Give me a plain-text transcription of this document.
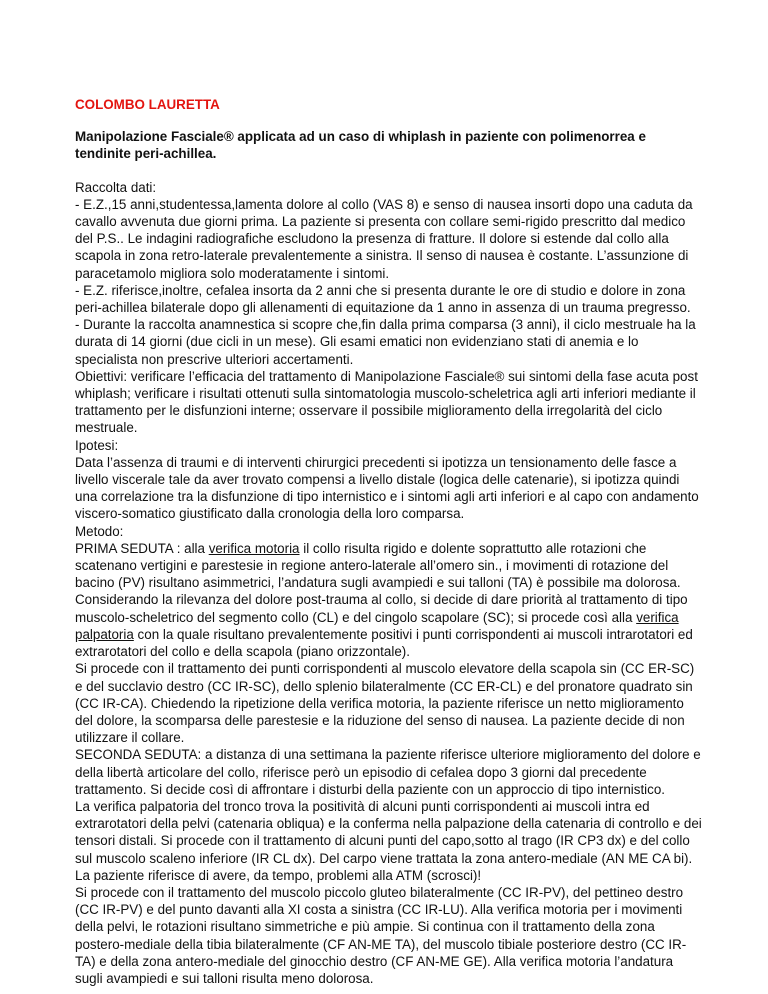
COLOMBO LAURETTA

Manipolazione Fasciale® applicata ad un caso di whiplash in paziente con polimenorrea e tendinite peri-achillea.

Raccolta dati:

- E.Z.,15 anni,studentessa,lamenta dolore al collo (VAS 8) e senso di nausea insorti dopo una caduta da cavallo avvenuta due giorni prima. La paziente si presenta con collare semi-rigido prescritto dal medico del P.S.. Le indagini radiografiche escludono la presenza di fratture. Il dolore si estende dal collo alla scapola in zona retro-laterale prevalentemente a sinistra. Il senso di nausea è costante. L’assunzione di paracetamolo migliora solo moderatamente i sintomi.

- E.Z. riferisce,inoltre, cefalea insorta da 2 anni che si presenta durante le ore di studio e dolore in zona peri-achillea bilaterale dopo gli allenamenti di equitazione da 1 anno in assenza di un trauma pregresso.

- Durante la raccolta anamnestica si scopre che,fin dalla prima comparsa (3 anni), il ciclo mestruale ha la durata di 14 giorni (due cicli in un mese). Gli esami ematici non evidenziano stati di anemia e lo specialista non prescrive ulteriori accertamenti.

Obiettivi: verificare l’efficacia del trattamento di Manipolazione Fasciale® sui sintomi della fase acuta post whiplash; verificare i risultati ottenuti sulla sintomatologia muscolo-scheletrica agli arti inferiori mediante il trattamento per le disfunzioni interne; osservare il possibile miglioramento della irregolarità del ciclo mestruale.

Ipotesi:

Data l’assenza di traumi e di interventi chirurgici precedenti si ipotizza un tensionamento delle fasce a livello viscerale tale da aver trovato compensi a livello distale (logica delle catenarie), si ipotizza quindi una correlazione tra la disfunzione di tipo internistico e i sintomi agli arti inferiori e al capo con andamento viscero-somatico giustificato dalla cronologia della loro comparsa.

Metodo:

PRIMA SEDUTA : alla verifica motoria il collo risulta rigido e dolente soprattutto alle rotazioni che scatenano vertigini e parestesie in regione antero-laterale all’omero sin., i movimenti di rotazione del bacino (PV) risultano asimmetrici, l’andatura sugli avampiedi e sui talloni (TA) è possibile ma dolorosa.

Considerando la rilevanza del dolore post-trauma al collo, si decide di dare priorità al trattamento di tipo muscolo-scheletrico del segmento collo (CL) e del cingolo scapolare (SC); si procede così alla verifica palpatoria con la quale risultano prevalentemente positivi i punti corrispondenti ai muscoli intrarotatori ed extrarotatori del collo e della scapola (piano orizzontale).

Si procede con il trattamento dei punti corrispondenti al muscolo elevatore della scapola sin (CC ER-SC) e del succlavio destro (CC IR-SC), dello splenio bilateralmente (CC ER-CL) e del pronatore quadrato sin (CC IR-CA). Chiedendo la ripetizione della verifica motoria, la paziente riferisce un netto miglioramento del dolore, la scomparsa delle parestesie e la riduzione del senso di nausea. La paziente decide di non utilizzare il collare.

SECONDA SEDUTA: a distanza di una settimana la paziente riferisce ulteriore miglioramento del dolore e della libertà articolare del collo, riferisce però un episodio di cefalea dopo 3 giorni dal precedente trattamento. Si decide così di affrontare i disturbi della paziente con un approccio di tipo internistico.

La verifica palpatoria del tronco trova la positività di alcuni punti corrispondenti ai muscoli intra ed extrarotatori della pelvi (catenaria obliqua) e la conferma nella palpazione della catenaria di controllo e dei tensori distali. Si procede con il trattamento di alcuni punti del capo,sotto al trago (IR CP3 dx) e del collo sul muscolo scaleno inferiore (IR CL dx). Del carpo viene trattata la zona antero-mediale (AN ME CA bi). La paziente riferisce di avere, da tempo, problemi alla ATM (scrosci)!

Si procede con il trattamento del muscolo piccolo gluteo bilateralmente (CC IR-PV), del pettineo destro (CC IR-PV) e del punto davanti alla XI costa a sinistra (CC IR-LU). Alla verifica motoria per i movimenti della pelvi, le rotazioni risultano simmetriche e più ampie. Si continua con il trattamento della zona postero-mediale della tibia bilateralmente (CF AN-ME TA), del muscolo tibiale posteriore destro (CC IR-TA) e della zona antero-mediale del ginocchio destro (CF AN-ME GE). Alla verifica motoria l’andatura sugli avampiedi e sui talloni risulta meno dolorosa.
